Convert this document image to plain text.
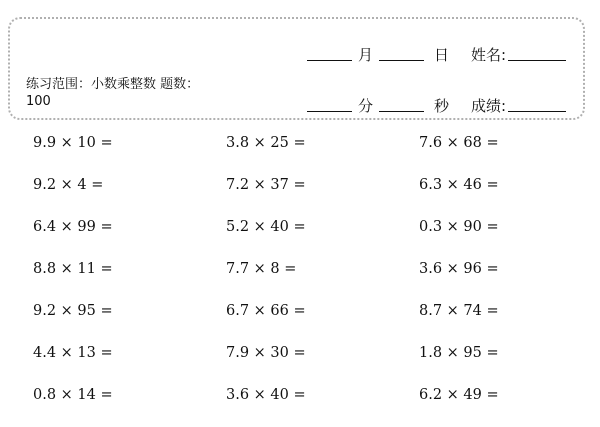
练习范围：小数乘整数 题数：
100
月	日 姓名:
分	秒 成绩:
9.9 × 10 =	3.8 × 25 =	7.6 × 68 =
9.2 × 4 =	7.2 × 37 =	6.3 × 46 =
6.4 × 99 =	5.2 × 40 =	0.3 × 90 =
8.8 × 11 =	7.7 × 8 =	3.6 × 96 =
9.2 × 95 =	6.7 × 66 =	8.7 × 74 =
4.4 × 13 =	7.9 × 30 =	1.8 × 95 =
0.8 × 14 =	3.6 × 40 =	6.2 × 49 =
